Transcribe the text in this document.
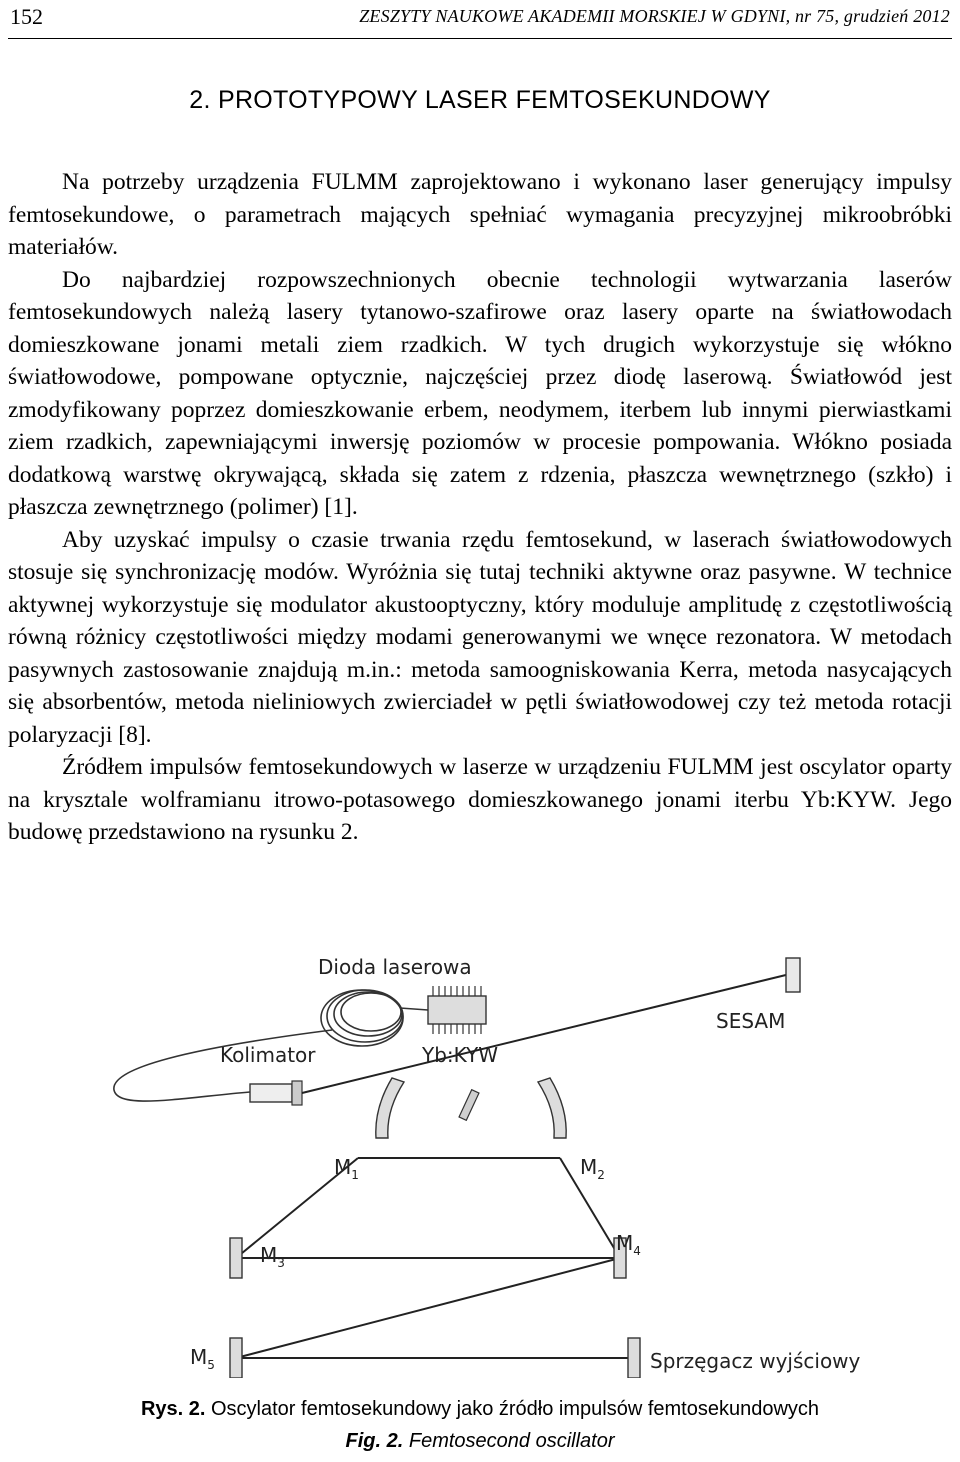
152	ZESZYTY NAUKOWE AKADEMII MORSKIEJ W GDYNI, nr 75, grudzień 2012
2. PROTOTYPOWY LASER FEMTOSEKUNDOWY

Na potrzeby urządzenia FULMM zaprojektowano i wykonano laser generujący impulsy femtosekundowe, o parametrach mających spełniać wymagania precyzyjnej mikroobróbki materiałów.

Do najbardziej rozpowszechnionych obecnie technologii wytwarzania laserów femtosekundowych należą lasery tytanowo-szafirowe oraz lasery oparte na światłowodach domieszkowane jonami metali ziem rzadkich. W tych drugich wykorzystuje się włókno światłowodowe, pompowane optycznie, najczęściej przez diodę laserową. Światłowód jest zmodyfikowany poprzez domieszkowanie erbem, neodymem, iterbem lub innymi pierwiastkami ziem rzadkich, zapewniającymi inwersję poziomów w procesie pompowania. Włókno posiada dodatkową warstwę okrywającą, składa się zatem z rdzenia, płaszcza wewnętrznego (szkło) i płaszcza zewnętrznego (polimer) [1].

Aby uzyskać impulsy o czasie trwania rzędu femtosekund, w laserach światłowodowych stosuje się synchronizację modów. Wyróżnia się tutaj techniki aktywne oraz pasywne. W technice aktywnej wykorzystuje się modulator akustooptyczny, który moduluje amplitudę z częstotliwością równą różnicy częstotliwości między modami generowanymi we wnęce rezonatora. W metodach pasywnych zastosowanie znajdują m.in.: metoda samoogniskowania Kerra, metoda nasycających się absorbentów, metoda nieliniowych zwierciadeł w pętli światłowodowej czy też metoda rotacji polaryzacji [8].

Źródłem impulsów femtosekundowych w laserze w urządzeniu FULMM jest oscylator oparty na krysztale wolframianu itrowo-potasowego domieszkowanego jonami iterbu Yb:KYW. Jego budowę przedstawiono na rysunku 2.

Dioda laserowa
SESAM
Kolimator	Yb:KYW
$M_1$	$M_2$
$M_3$
$M_4$
$M_5$	Sprzęgacz wyjściowy
Rys. 2. Oscylator femtosekundowy jako źródło impulsów femtosekundowych
Fig. 2. Femtosecond oscillator
